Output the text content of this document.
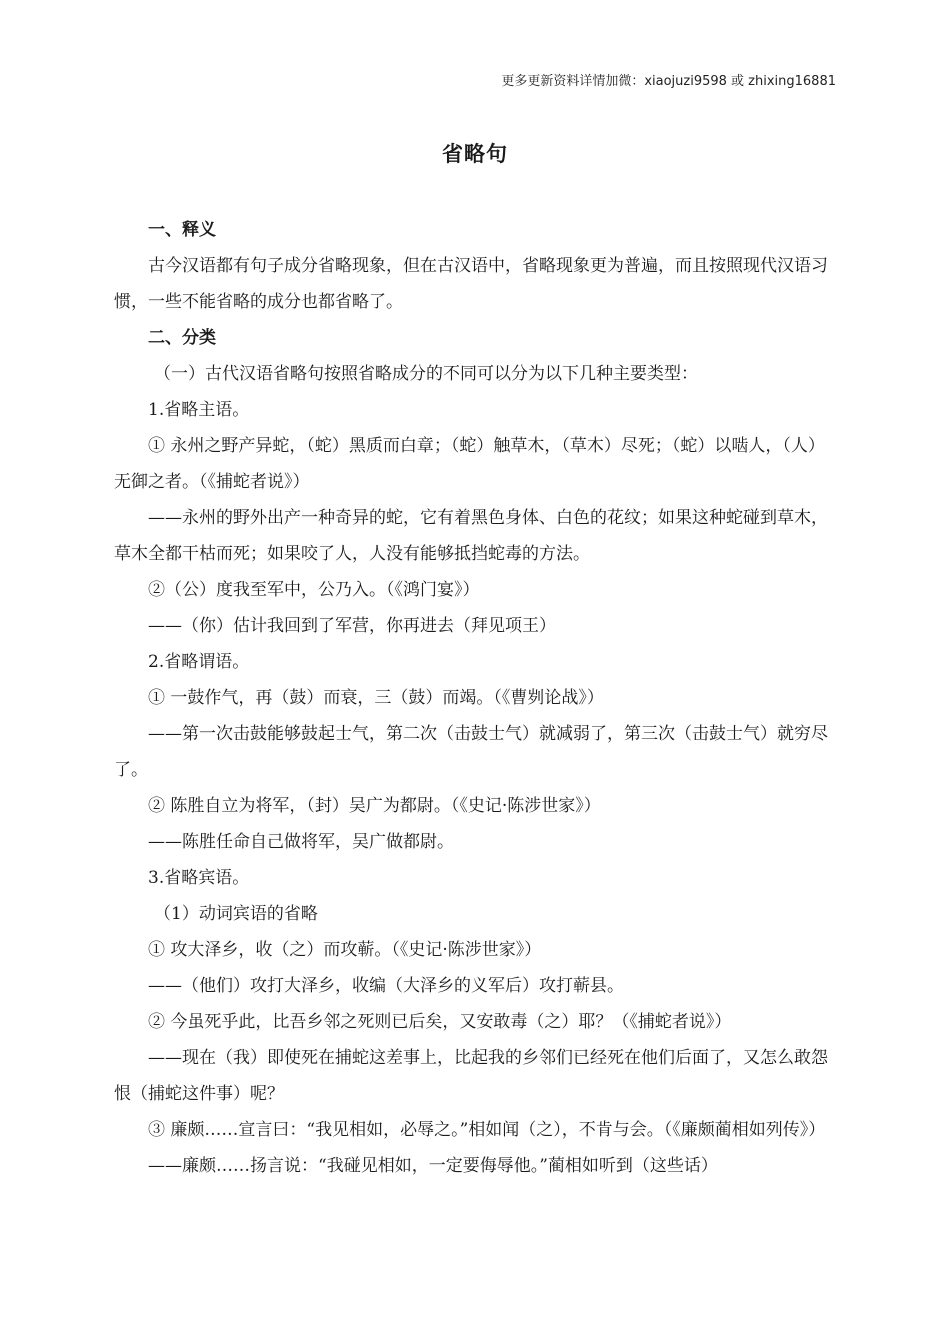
更多更新资料详情加微：xiaojuzi9598 或 zhixing16881
省略句

一、释义

古今汉语都有句子成分省略现象，但在古汉语中，省略现象更为普遍，而且按照现代汉语习惯，一些不能省略的成分也都省略了。

二、分类

（一）古代汉语省略句按照省略成分的不同可以分为以下几种主要类型：

1.省略主语。

① 永州之野产异蛇，（蛇）黑质而白章；（蛇）触草木，（草木）尽死；（蛇）以啮人，（人）无御之者。（《捕蛇者说》）

——永州的野外出产一种奇异的蛇，它有着黑色身体、白色的花纹；如果这种蛇碰到草木，草木全都干枯而死；如果咬了人，人没有能够抵挡蛇毒的方法。

②（公）度我至军中，公乃入。（《鸿门宴》）

——（你）估计我回到了军营，你再进去（拜见项王）

2.省略谓语。

① 一鼓作气，再（鼓）而衰，三（鼓）而竭。（《曹刿论战》）

——第一次击鼓能够鼓起士气，第二次（击鼓士气）就减弱了，第三次（击鼓士气）就穷尽了。

② 陈胜自立为将军，（封）吴广为都尉。（《史记·陈涉世家》）

——陈胜任命自己做将军，吴广做都尉。

3.省略宾语。

（1）动词宾语的省略

① 攻大泽乡，收（之）而攻蕲。（《史记·陈涉世家》）

——（他们）攻打大泽乡，收编（大泽乡的义军后）攻打蕲县。

② 今虽死乎此，比吾乡邻之死则已后矣，又安敢毒（之）耶？（《捕蛇者说》）

——现在（我）即使死在捕蛇这差事上，比起我的乡邻们已经死在他们后面了，又怎么敢怨恨（捕蛇这件事）呢？

③ 廉颇……宣言曰：“我见相如，必辱之。”相如闻（之），不肯与会。（《廉颇蔺相如列传》）

——廉颇……扬言说：“我碰见相如，一定要侮辱他。”蔺相如听到（这些话）
